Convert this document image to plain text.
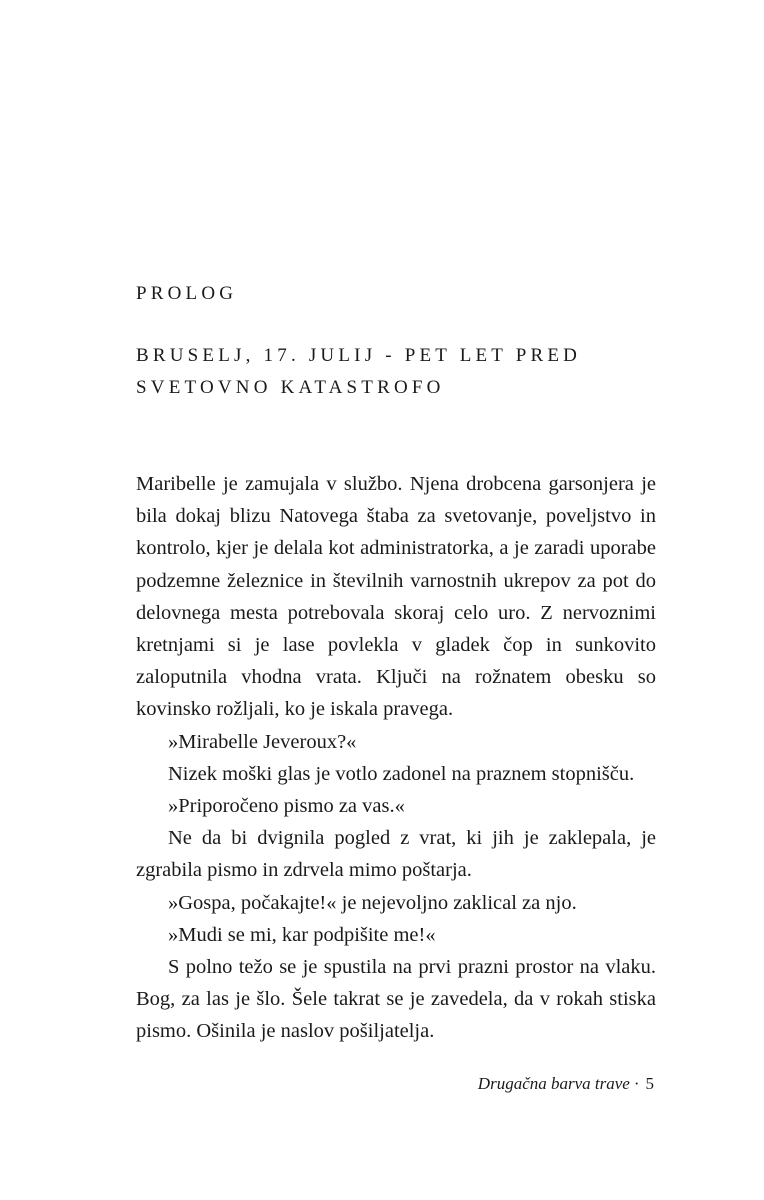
PROLOG
BRUSELJ, 17. JULIJ - PET LET PRED
SVETOVNO KATASTROFO

Maribelle je zamujala v službo. Njena drobcena garsonjera je bila dokaj blizu Natovega štaba za svetovanje, poveljstvo in kontrolo, kjer je delala kot administratorka, a je zaradi uporabe podzemne železnice in številnih varnostnih ukrepov za pot do delovnega mesta potrebovala skoraj celo uro. Z nervoznimi kretnjami si je lase povlekla v gladek čop in sunkovito zaloputnila vhodna vrata. Ključi na rožnatem obesku so kovinsko rožljali, ko je iskala pravega.

»Mirabelle Jeveroux?«

Nizek moški glas je votlo zadonel na praznem stopnišču.

»Priporočeno pismo za vas.«

Ne da bi dvignila pogled z vrat, ki jih je zaklepala, je zgrabila pismo in zdrvela mimo poštarja.

»Gospa, počakajte!« je nejevoljno zaklical za njo.

»Mudi se mi, kar podpišite me!«

S polno težo se je spustila na prvi prazni prostor na vlaku. Bog, za las je šlo. Šele takrat se je zavedela, da v rokah stiska pismo. Ošinila je naslov pošiljatelja.

Drugačna barva trave · 5
